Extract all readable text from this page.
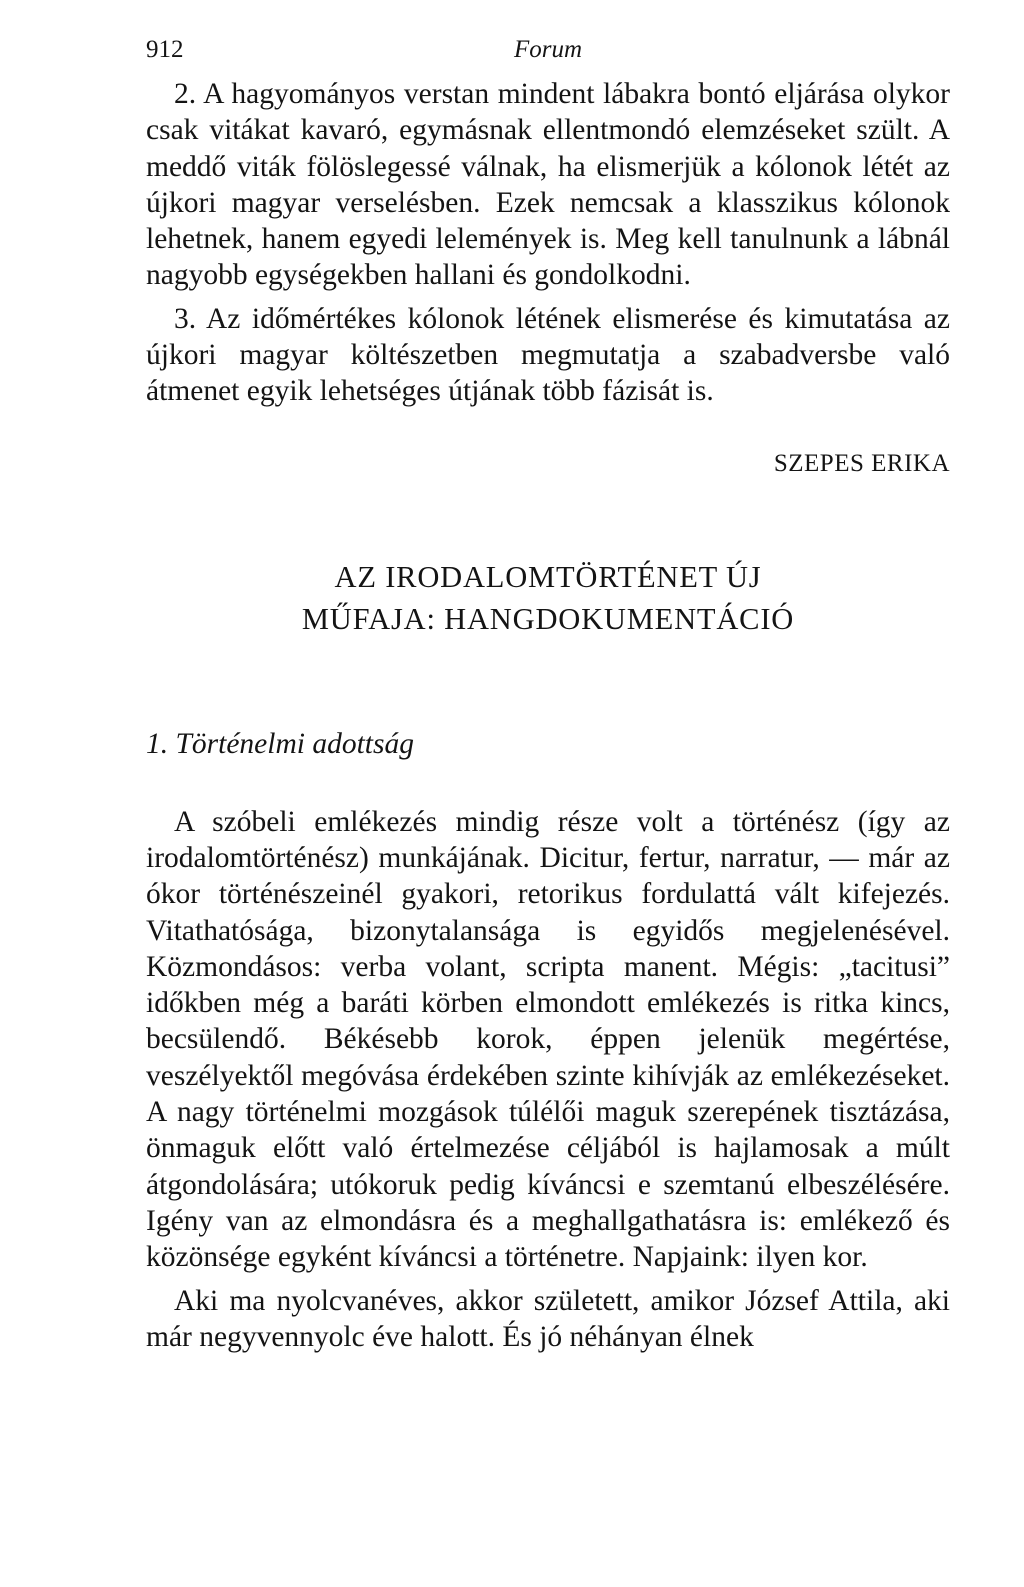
912	Forum

2. A hagyományos verstan mindent lábakra bontó eljárása olykor csak vitákat kavaró, egymásnak ellentmondó elemzéseket szült. A meddő viták fölöslegessé válnak, ha elismerjük a kólonok létét az újkori magyar verselésben. Ezek nemcsak a klasszikus kólonok lehetnek, hanem egyedi lelemények is. Meg kell tanulnunk a lábnál nagyobb egységekben hallani és gondolkodni.

3. Az időmértékes kólonok létének elismerése és kimutatása az újkori magyar költészetben megmutatja a szabadversbe való átmenet egyik lehetséges útjának több fázisát is.

SZEPES ERIKA
AZ IRODALOMTÖRTÉNET ÚJ
MŰFAJA: HANGDOKUMENTÁCIÓ
1. Történelmi adottság

A szóbeli emlékezés mindig része volt a történész (így az irodalomtörténész) munkájának. Dicitur, fertur, narratur, — már az ókor történészeinél gyakori, retorikus fordulattá vált kifejezés. Vitathatósága, bizonytalansága is egyidős megjelenésével. Közmondásos: verba volant, scripta manent. Mégis: „tacitusi” időkben még a baráti körben elmondott emlékezés is ritka kincs, becsülendő. Békésebb korok, éppen jelenük megértése, veszélyektől megóvása érdekében szinte kihívják az emlékezéseket. A nagy történelmi mozgások túlélői maguk szerepének tisztázása, önmaguk előtt való értelmezése céljából is hajlamosak a múlt átgondolására; utókoruk pedig kíváncsi e szemtanú elbeszélésére. Igény van az elmondásra és a meghallgathatásra is: emlékező és közönsége egyként kíváncsi a történetre. Napjaink: ilyen kor.

Aki ma nyolcvanéves, akkor született, amikor József Attila, aki már negyvennyolc éve halott. És jó néhányan élnek
